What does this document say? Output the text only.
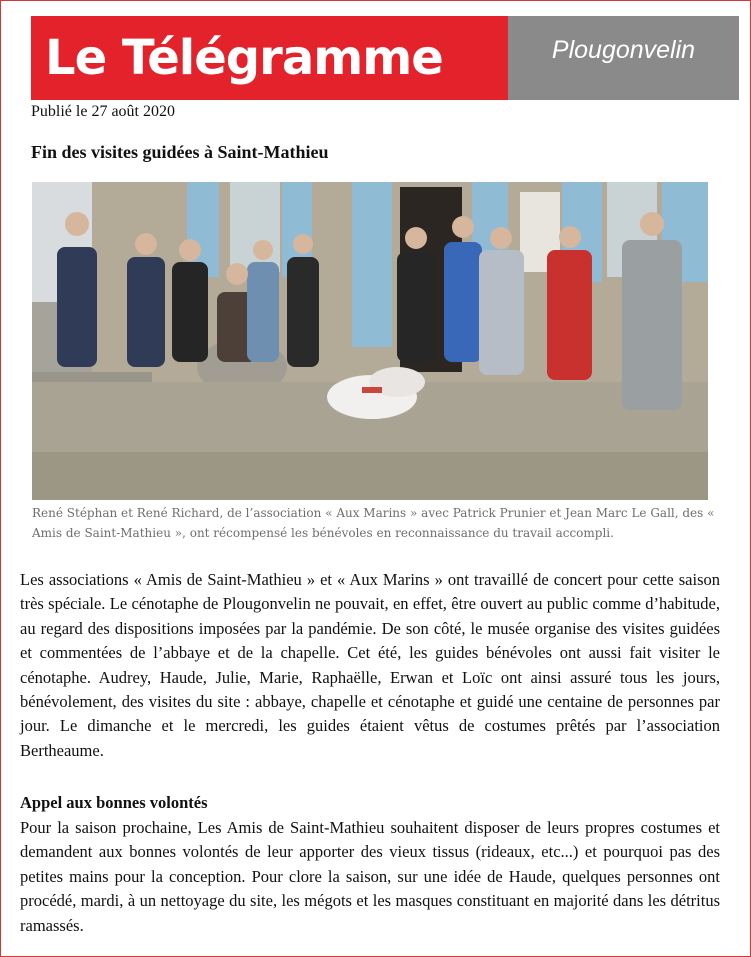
Le Télégramme	Plougonvelin
Publié le 27 août 2020
Fin des visites guidées à Saint-Mathieu
René Stéphan et René Richard, de l’association « Aux Marins » avec Patrick Prunier et Jean Marc Le Gall, des « Amis de Saint-Mathieu », ont récompensé les bénévoles en reconnaissance du travail accompli.
Les associations « Amis de Saint-Mathieu » et « Aux Marins » ont travaillé de concert pour cette saison très spéciale. Le cénotaphe de Plougonvelin ne pouvait, en effet, être ouvert au public comme d’habitude, au regard des dispositions imposées par la pandémie. De son côté, le musée organise des visites guidées et commentées de l’abbaye et de la chapelle. Cet été, les guides bénévoles ont aussi fait visiter le cénotaphe. Audrey, Haude, Julie, Marie, Raphaëlle, Erwan et Loïc ont ainsi assuré tous les jours, bénévolement, des visites du site : abbaye, chapelle et cénotaphe et guidé une centaine de personnes par jour. Le dimanche et le mercredi, les guides étaient vêtus de costumes prêtés par l’association Bertheaume.
Appel aux bonnes volontés
Pour la saison prochaine, Les Amis de Saint-Mathieu souhaitent disposer de leurs propres costumes et demandent aux bonnes volontés de leur apporter des vieux tissus (rideaux, etc...) et pourquoi pas des petites mains pour la conception. Pour clore la saison, sur une idée de Haude, quelques personnes ont procédé, mardi, à un nettoyage du site, les mégots et les masques constituant en majorité dans les détritus ramassés.
